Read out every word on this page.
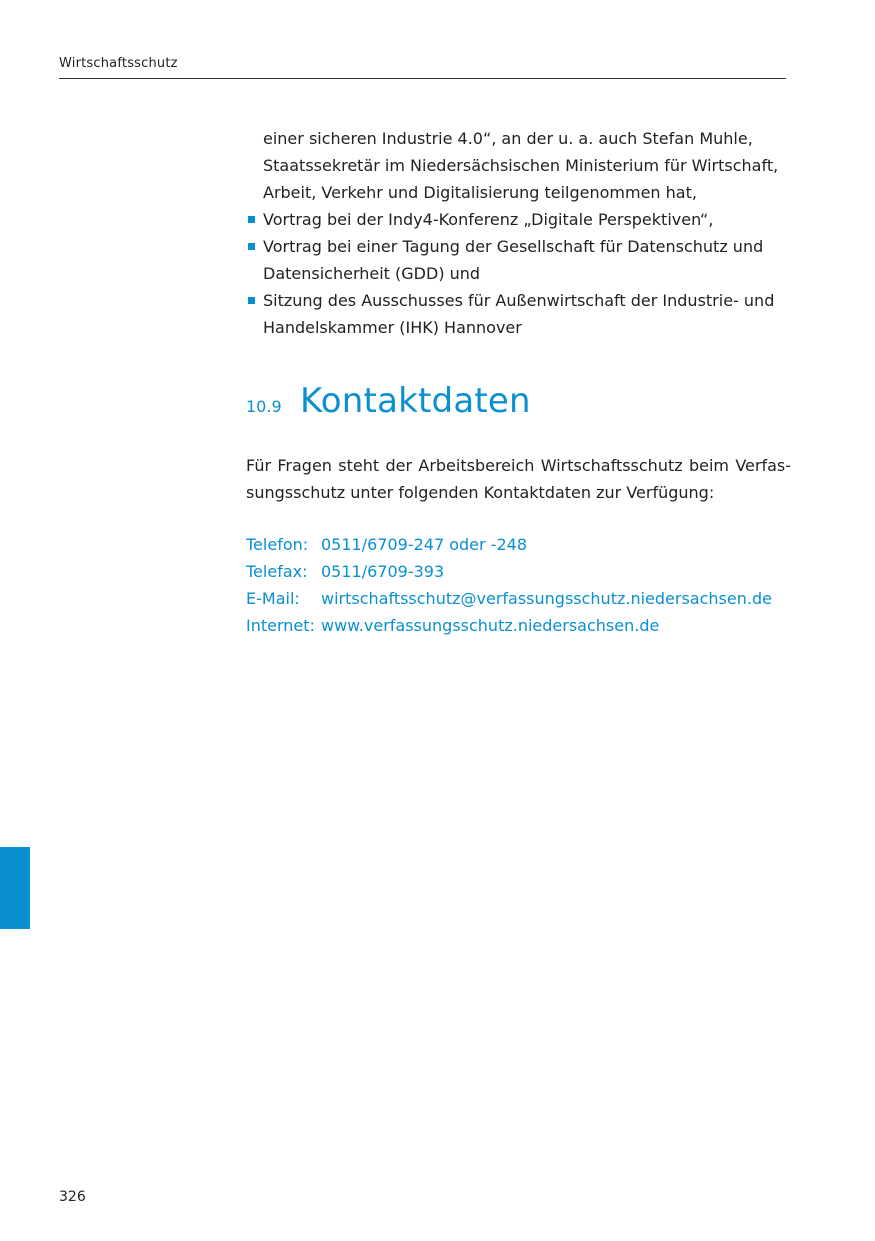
Wirtschaftsschutz
einer sicheren Industrie 4.0“, an der u. a. auch Stefan Muhle, Staatssekretär im Niedersächsischen Ministerium für Wirtschaft, Arbeit, Verkehr und Digitalisierung teilgenommen hat,
Vortrag bei der Indy4-Konferenz „Digitale Perspektiven“,
Vortrag bei einer Tagung der Gesellschaft für Datenschutz und Datensicherheit (GDD) und
Sitzung des Ausschusses für Außenwirtschaft der Industrie- und Handelskammer (IHK) Hannover
10.9 Kontaktdaten
Für Fragen steht der Arbeitsbereich Wirtschaftsschutz beim Verfas-sungsschutz unter folgenden Kontaktdaten zur Verfügung:
Telefon: 0511/6709-247 oder -248
Telefax: 0511/6709-393
E-Mail:	wirtschaftsschutz@verfassungsschutz.niedersachsen.de
Internet: www.verfassungsschutz.niedersachsen.de
326
